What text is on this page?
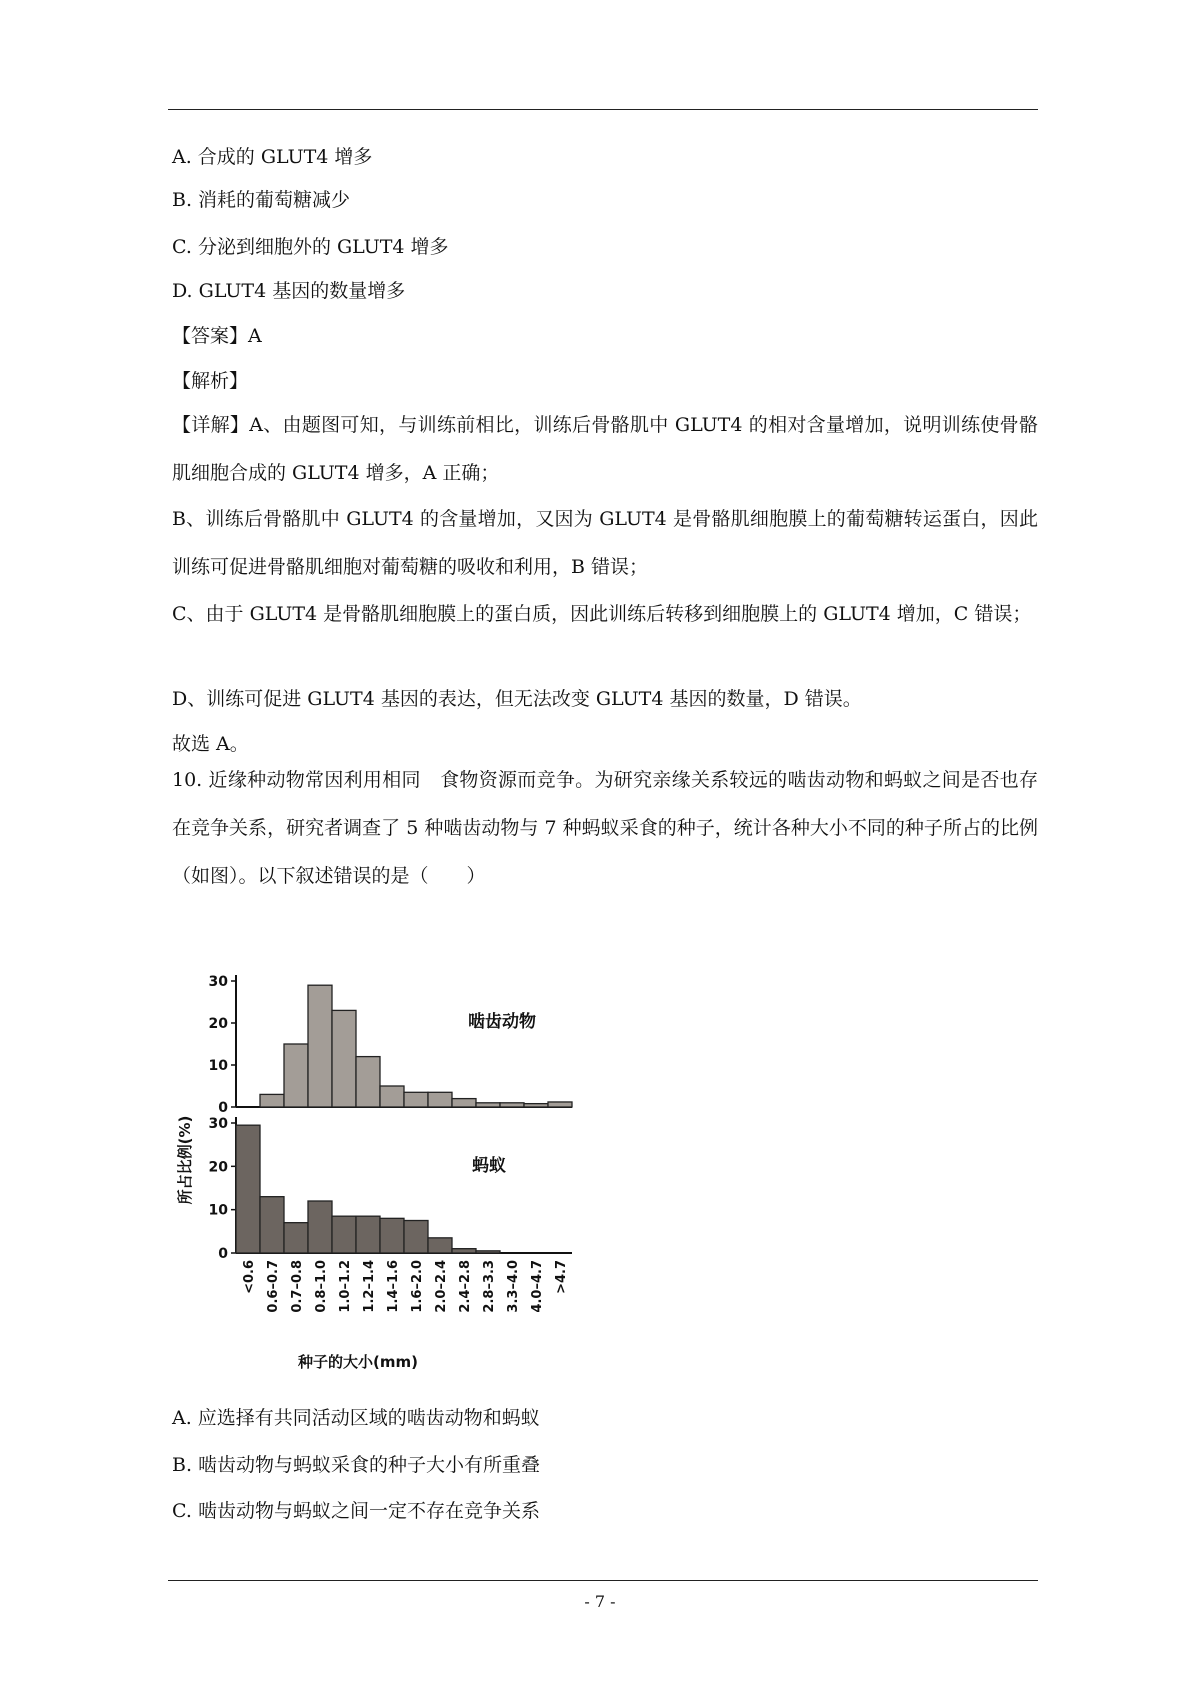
A. 合成的 GLUT4 增多
B. 消耗的葡萄糖减少
C. 分泌到细胞外的 GLUT4 增多
D. GLUT4 基因的数量增多
【答案】A
【解析】
【详解】A、由题图可知，与训练前相比，训练后骨骼肌中 GLUT4 的相对含量增加，说明训练使骨骼肌细胞合成的 GLUT4 增多，A 正确；
B、训练后骨骼肌中 GLUT4 的含量增加，又因为 GLUT4 是骨骼肌细胞膜上的葡萄糖转运蛋白，因此训练可促进骨骼肌细胞对葡萄糖的吸收和利用，B 错误；
C、由于 GLUT4 是骨骼肌细胞膜上的蛋白质，因此训练后转移到细胞膜上的 GLUT4 增加，C 错误；
D、训练可促进 GLUT4 基因的表达，但无法改变 GLUT4 基因的数量，D 错误。
故选 A。
10. 近缘种动物常因利用相同　食物资源而竞争。为研究亲缘关系较远的啮齿动物和蚂蚁之间是否也存在竞争关系，研究者调查了 5 种啮齿动物与 7 种蚂蚁采食的种子，统计各种大小不同的种子所占的比例（如图）。以下叙述错误的是（　　）
30
20
10
0
啮齿动物
30
20
10
0
蚂蚁
所占比例(%)
<0.6 0.6–0.7 0.7–0.8 0.8–1.0 1.0–1.2 1.2–1.4 1.4–1.6 1.6–2.0 2.0–2.4 2.4–2.8 2.8–3.3 3.3–4.0 4.0–4.7 >4.7
种子的大小(mm)
A. 应选择有共同活动区域的啮齿动物和蚂蚁
B. 啮齿动物与蚂蚁采食的种子大小有所重叠
C. 啮齿动物与蚂蚁之间一定不存在竞争关系
- 7 -
